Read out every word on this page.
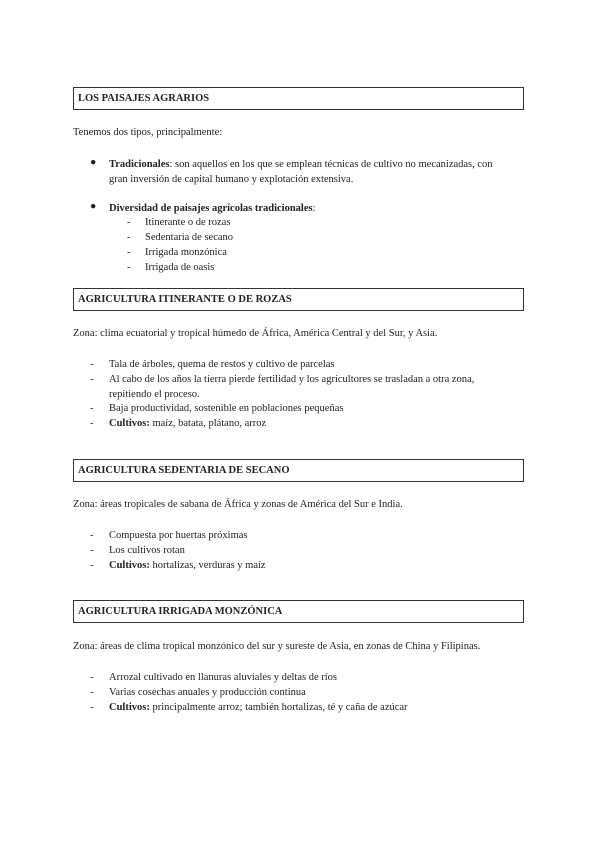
LOS PAISAJES AGRARIOS
Tenemos dos tipos, principalmente:
● Tradicionales: son aquellos en los que se emplean técnicas de cultivo no mecanizadas, con
gran inversión de capital humano y explotación extensiva.
● Diversidad de paisajes agrícolas tradicionales:
- Itinerante o de rozas
- Sedentaria de secano
- Irrigada monzónica
- Irrigada de oasis
AGRICULTURA ITINERANTE O DE ROZAS
Zona: clima ecuatorial y tropical húmedo de África, América Central y del Sur, y Asia.
- Tala de árboles, quema de restos y cultivo de parcelas
- Al cabo de los años la tierra pierde fertilidad y los agricultores se trasladan a otra zona,
repitiendo el proceso.
- Baja productividad, sostenible en poblaciones pequeñas
- Cultivos: maíz, batata, plátano, arroz
AGRICULTURA SEDENTARIA DE SECANO
Zona: áreas tropicales de sabana de África y zonas de América del Sur e India.
- Compuesta por huertas próximas
- Los cultivos rotan
- Cultivos: hortalizas, verduras y maíz
AGRICULTURA IRRIGADA MONZÓNICA
Zona: áreas de clima tropical monzónico del sur y sureste de Asia, en zonas de China y Filipinas.
- Arrozal cultivado en llanuras aluviales y deltas de ríos
- Varias cosechas anuales y producción continua
- Cultivos: principalmente arroz; también hortalizas, té y caña de azúcar
